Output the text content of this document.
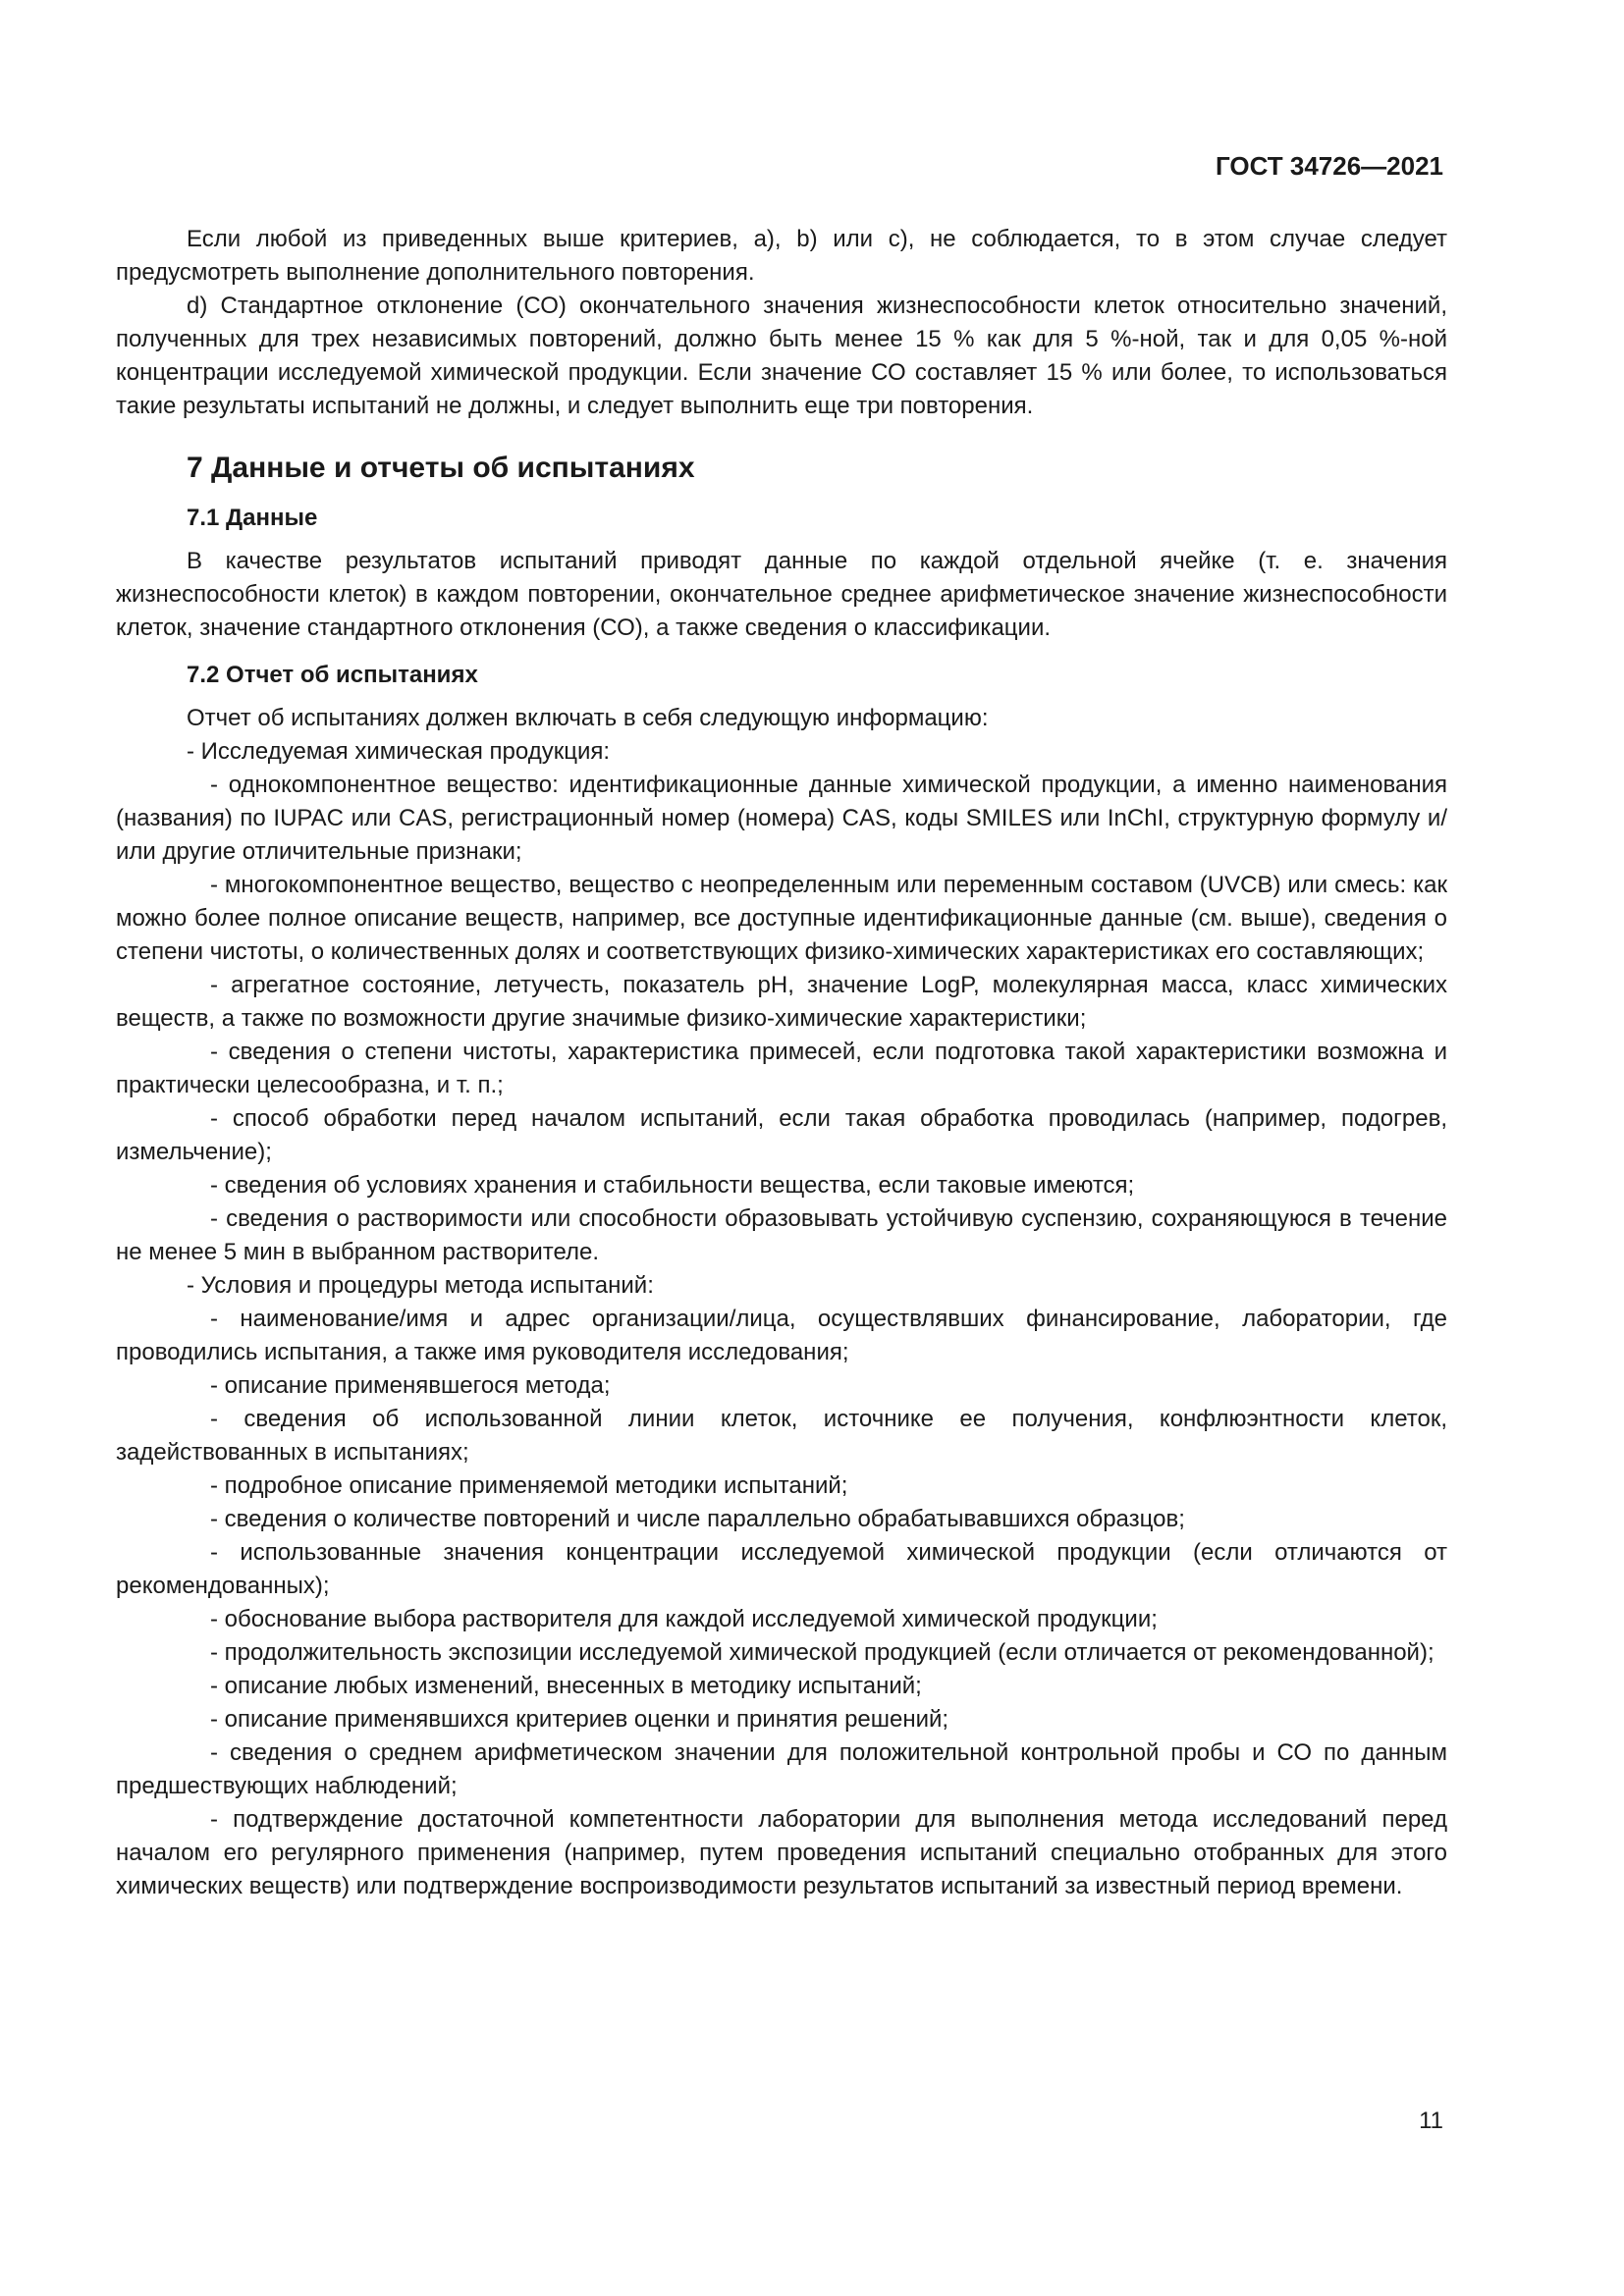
ГОСТ 34726—2021

Если любой из приведенных выше критериев, a), b) или c), не соблюдается, то в этом случае следует предусмотреть выполнение дополнительного повторения.

d) Стандартное отклонение (СО) окончательного значения жизнеспособности клеток относительно значений, полученных для трех независимых повторений, должно быть менее 15 % как для 5 %-ной, так и для 0,05 %-ной концентрации исследуемой химической продукции. Если значение СО составляет 15 % или более, то использоваться такие результаты испытаний не должны, и следует выполнить еще три повторения.

7 Данные и отчеты об испытаниях
7.1 Данные

В качестве результатов испытаний приводят данные по каждой отдельной ячейке (т. е. значения жизнеспособности клеток) в каждом повторении, окончательное среднее арифметическое значение жизнеспособности клеток, значение стандартного отклонения (СО), а также сведения о классификации.

7.2 Отчет об испытаниях

Отчет об испытаниях должен включать в себя следующую информацию:

- Исследуемая химическая продукция:

- однокомпонентное вещество: идентификационные данные химической продукции, а именно наименования (названия) по IUPAC или CAS, регистрационный номер (номера) CAS, коды SMILES или InChI, структурную формулу и/или другие отличительные признаки;

- многокомпонентное вещество, вещество с неопределенным или переменным составом (UVCB) или смесь: как можно более полное описание веществ, например, все доступные идентификационные данные (см. выше), сведения о степени чистоты, о количественных долях и соответствующих физико-химических характеристиках его составляющих;

- агрегатное состояние, летучесть, показатель pH, значение LogP, молекулярная масса, класс химических веществ, а также по возможности другие значимые физико-химические характеристики;

- сведения о степени чистоты, характеристика примесей, если подготовка такой характеристики возможна и практически целесообразна, и т. п.;

- способ обработки перед началом испытаний, если такая обработка проводилась (например, подогрев, измельчение);

- сведения об условиях хранения и стабильности вещества, если таковые имеются;

- сведения о растворимости или способности образовывать устойчивую суспензию, сохраняющуюся в течение не менее 5 мин в выбранном растворителе.

- Условия и процедуры метода испытаний:

- наименование/имя и адрес организации/лица, осуществлявших финансирование, лаборатории, где проводились испытания, а также имя руководителя исследования;

- описание применявшегося метода;

- сведения об использованной линии клеток, источнике ее получения, конфлюэнтности клеток, задействованных в испытаниях;

- подробное описание применяемой методики испытаний;

- сведения о количестве повторений и числе параллельно обрабатывавшихся образцов;

- использованные значения концентрации исследуемой химической продукции (если отличаются от рекомендованных);

- обоснование выбора растворителя для каждой исследуемой химической продукции;

- продолжительность экспозиции исследуемой химической продукцией (если отличается от рекомендованной);

- описание любых изменений, внесенных в методику испытаний;

- описание применявшихся критериев оценки и принятия решений;

- сведения о среднем арифметическом значении для положительной контрольной пробы и СО по данным предшествующих наблюдений;

- подтверждение достаточной компетентности лаборатории для выполнения метода исследований перед началом его регулярного применения (например, путем проведения испытаний специально отобранных для этого химических веществ) или подтверждение воспроизводимости результатов испытаний за известный период времени.

11
